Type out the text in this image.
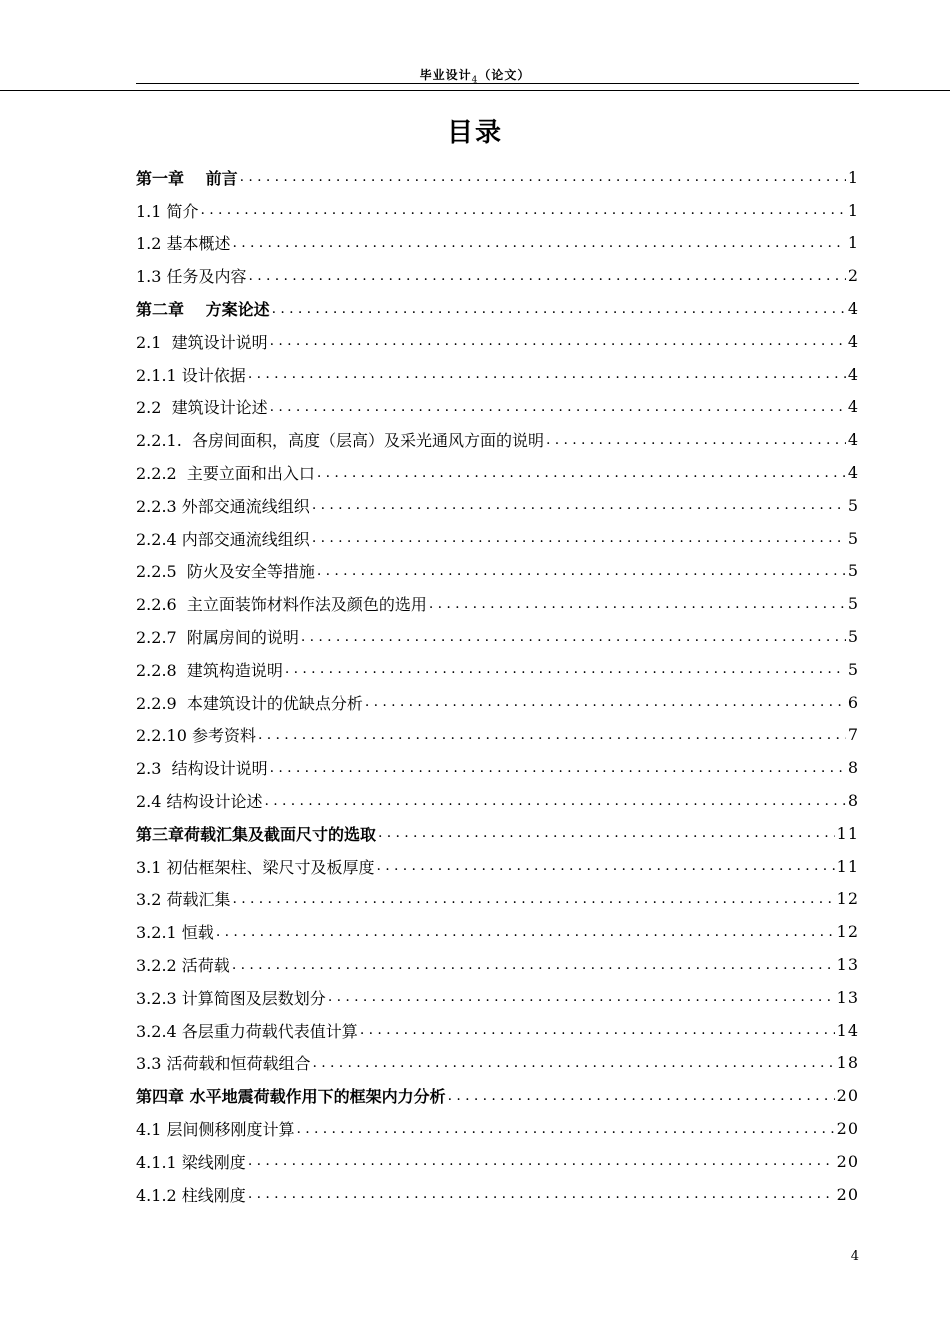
毕业设计$_4$（论文）
目录
第一章　 前言 .....	1
1.1 简介 .....	1
1.2 基本概述 .....	1
1.3 任务及内容 .....	2
第二章　 方案论述 .....	4
2.1  建筑设计说明 .....	4
2.1.1 设计依据 .....	4
2.2  建筑设计论述 .....	4
2.2.1.  各房间面积，高度（层高）及采光通风方面的说明 .....	4
2.2.2  主要立面和出入口 .....	4
2.2.3 外部交通流线组织 .....	5
2.2.4 内部交通流线组织 .....	5
2.2.5  防火及安全等措施 .....	5
2.2.6  主立面装饰材料作法及颜色的选用 .....	5
2.2.7  附属房间的说明 .....	5
2.2.8  建筑构造说明 .....	5
2.2.9  本建筑设计的优缺点分析 .....	6
2.2.10 参考资料 .....	7
2.3  结构设计说明 .....	8
2.4 结构设计论述 .....	8
第三章荷载汇集及截面尺寸的选取 .....	11
3.1 初估框架柱、梁尺寸及板厚度 .....	11
3.2 荷载汇集 .....	12
3.2.1 恒载 .....	12
3.2.2 活荷载 .....	13
3.2.3 计算简图及层数划分 .....	13
3.2.4 各层重力荷载代表值计算 .....	14
3.3 活荷载和恒荷载组合 .....	18
第四章 水平地震荷载作用下的框架内力分析 .....	20
4.1 层间侧移刚度计算 .....	20
4.1.1 梁线刚度 .....	20
4.1.2 柱线刚度 .....	20
4
